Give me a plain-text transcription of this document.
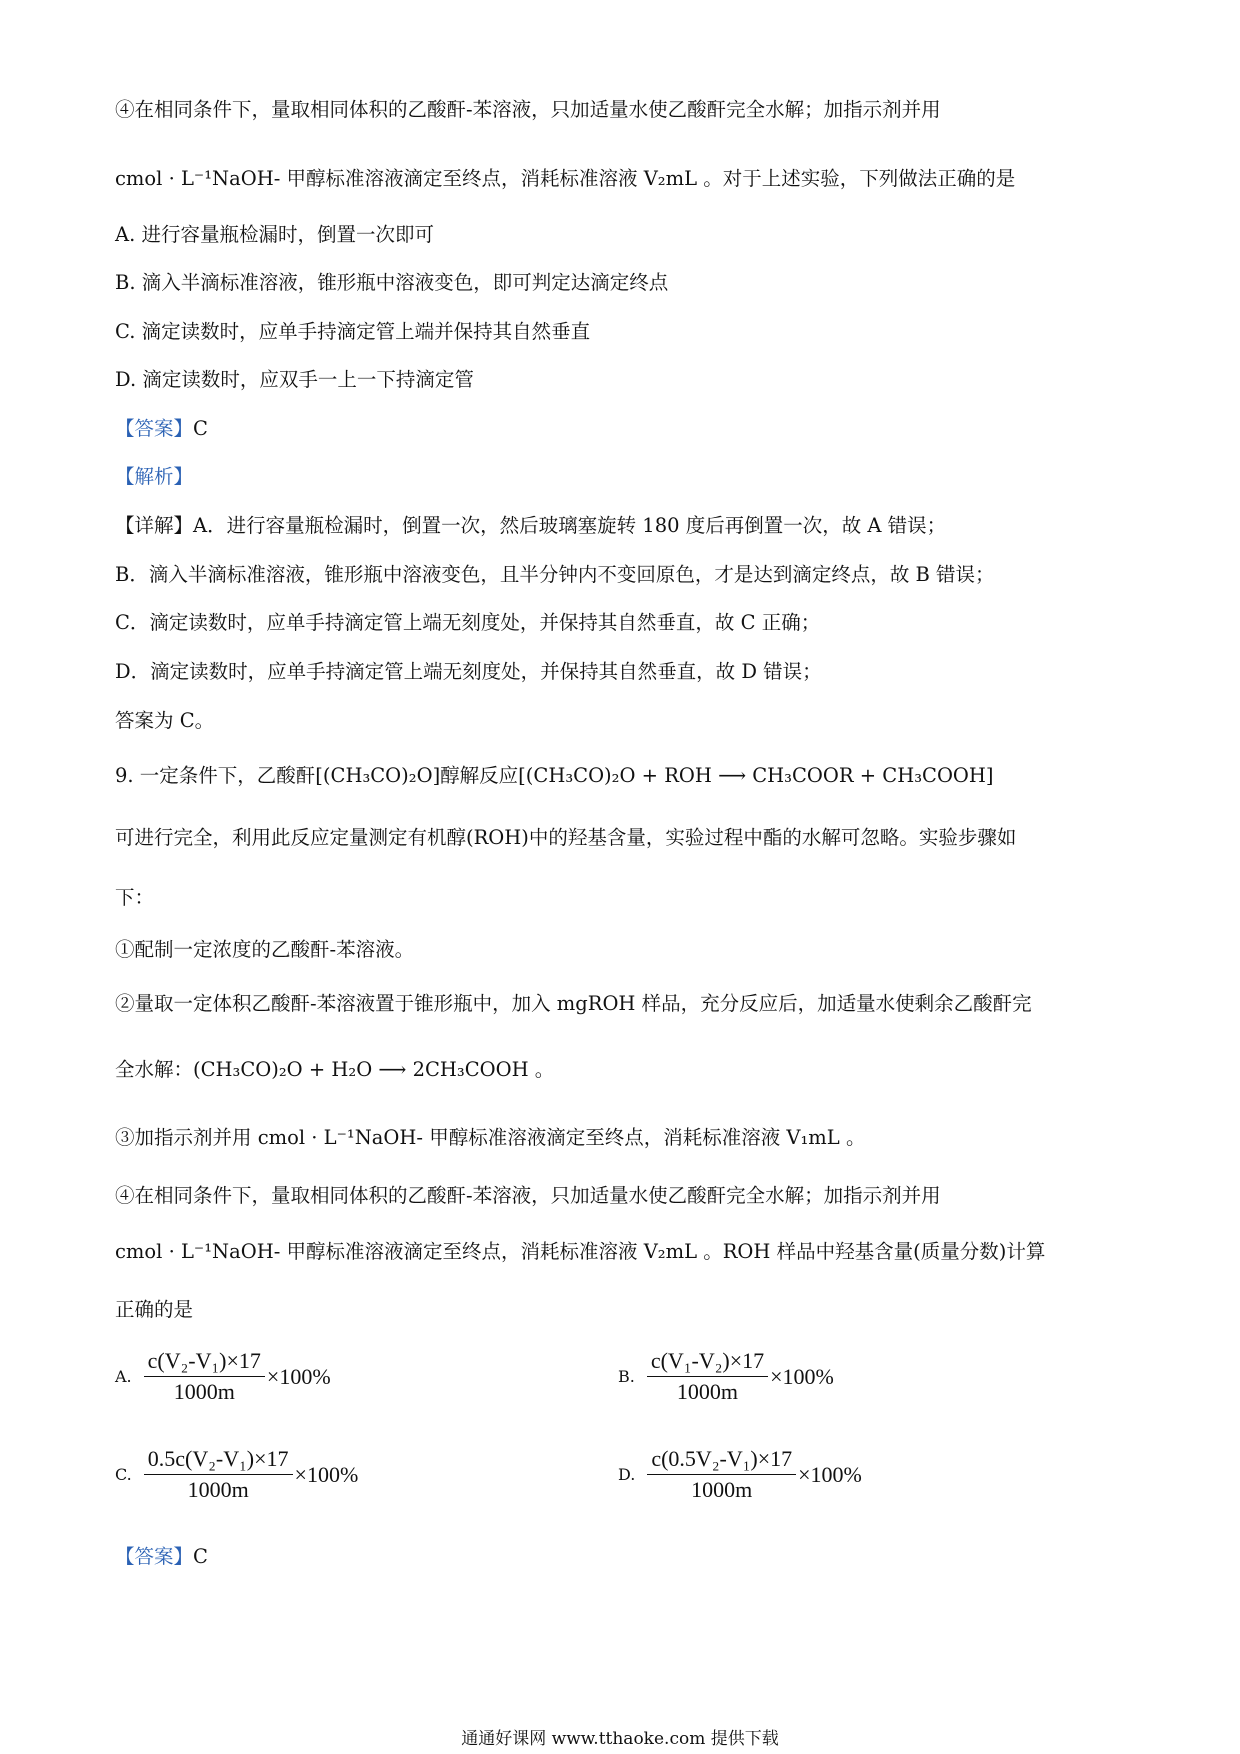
④在相同条件下，量取相同体积的乙酸酐-苯溶液，只加适量水使乙酸酐完全水解；加指示剂并用
cmol · L⁻¹NaOH- 甲醇标准溶液滴定至终点，消耗标准溶液 V₂mL 。对于上述实验，下列做法正确的是
A. 进行容量瓶检漏时，倒置一次即可
B. 滴入半滴标准溶液，锥形瓶中溶液变色，即可判定达滴定终点
C. 滴定读数时，应单手持滴定管上端并保持其自然垂直
D. 滴定读数时，应双手一上一下持滴定管
【答案】C
【解析】
【详解】A．进行容量瓶检漏时，倒置一次，然后玻璃塞旋转 180 度后再倒置一次，故 A 错误；
B．滴入半滴标准溶液，锥形瓶中溶液变色，且半分钟内不变回原色，才是达到滴定终点，故 B 错误；
C．滴定读数时，应单手持滴定管上端无刻度处，并保持其自然垂直，故 C 正确；
D．滴定读数时，应单手持滴定管上端无刻度处，并保持其自然垂直，故 D 错误；
答案为 C。
9. 一定条件下，乙酸酐[(CH₃CO)₂O]醇解反应[(CH₃CO)₂O + ROH ⟶ CH₃COOR + CH₃COOH]
可进行完全，利用此反应定量测定有机醇(ROH)中的羟基含量，实验过程中酯的水解可忽略。实验步骤如
下：
①配制一定浓度的乙酸酐-苯溶液。
②量取一定体积乙酸酐-苯溶液置于锥形瓶中，加入 mgROH 样品，充分反应后，加适量水使剩余乙酸酐完
全水解：(CH₃CO)₂O + H₂O ⟶ 2CH₃COOH 。
③加指示剂并用 cmol · L⁻¹NaOH- 甲醇标准溶液滴定至终点，消耗标准溶液 V₁mL 。
④在相同条件下，量取相同体积的乙酸酐-苯溶液，只加适量水使乙酸酐完全水解；加指示剂并用
cmol · L⁻¹NaOH- 甲醇标准溶液滴定至终点，消耗标准溶液 V₂mL 。ROH 样品中羟基含量(质量分数)计算
正确的是
A. $\frac{\text{c(V₂-V₁)×17}}{1000m} \times 100\%$	B. $\frac{\text{c(V₁-V₂)×17}}{1000m} \times 100\%$
C. $\frac{\text{0.5c(V₂-V₁)×17}}{1000m} \times 100\%$	D. $\frac{\text{c(0.5V₂-V₁)×17}}{1000m} \times 100\%$
【答案】C
通通好课网 www.tthaoke.com 提供下载
